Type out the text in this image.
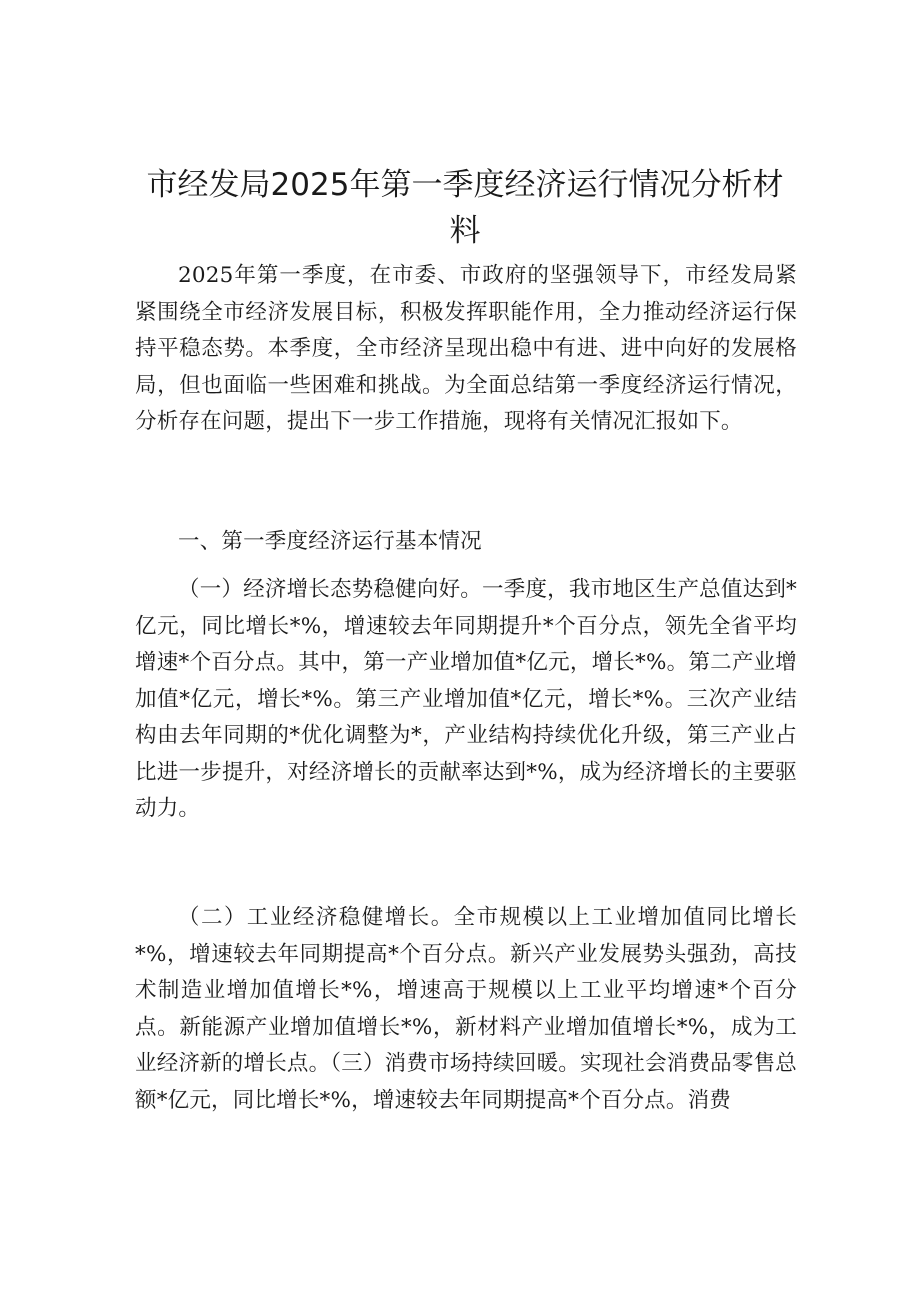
市经发局2025年第一季度经济运行情况分析材料

2025年第一季度，在市委、市政府的坚强领导下，市经发局紧紧围绕全市经济发展目标，积极发挥职能作用，全力推动经济运行保持平稳态势。本季度，全市经济呈现出稳中有进、进中向好的发展格局，但也面临一些困难和挑战。为全面总结第一季度经济运行情况，分析存在问题，提出下一步工作措施，现将有关情况汇报如下。

一、第一季度经济运行基本情况

（一）经济增长态势稳健向好。一季度，我市地区生产总值达到*亿元，同比增长*%，增速较去年同期提升*个百分点，领先全省平均增速*个百分点。其中，第一产业增加值*亿元，增长*%。第二产业增加值*亿元，增长*%。第三产业增加值*亿元，增长*%。三次产业结构由去年同期的*优化调整为*，产业结构持续优化升级，第三产业占比进一步提升，对经济增长的贡献率达到*%，成为经济增长的主要驱动力。

（二）工业经济稳健增长。全市规模以上工业增加值同比增长*%，增速较去年同期提高*个百分点。新兴产业发展势头强劲，高技术制造业增加值增长*%，增速高于规模以上工业平均增速*个百分点。新能源产业增加值增长*%，新材料产业增加值增长*%，成为工业经济新的增长点。（三）消费市场持续回暖。实现社会消费品零售总额*亿元，同比增长*%，增速较去年同期提高*个百分点。消费
